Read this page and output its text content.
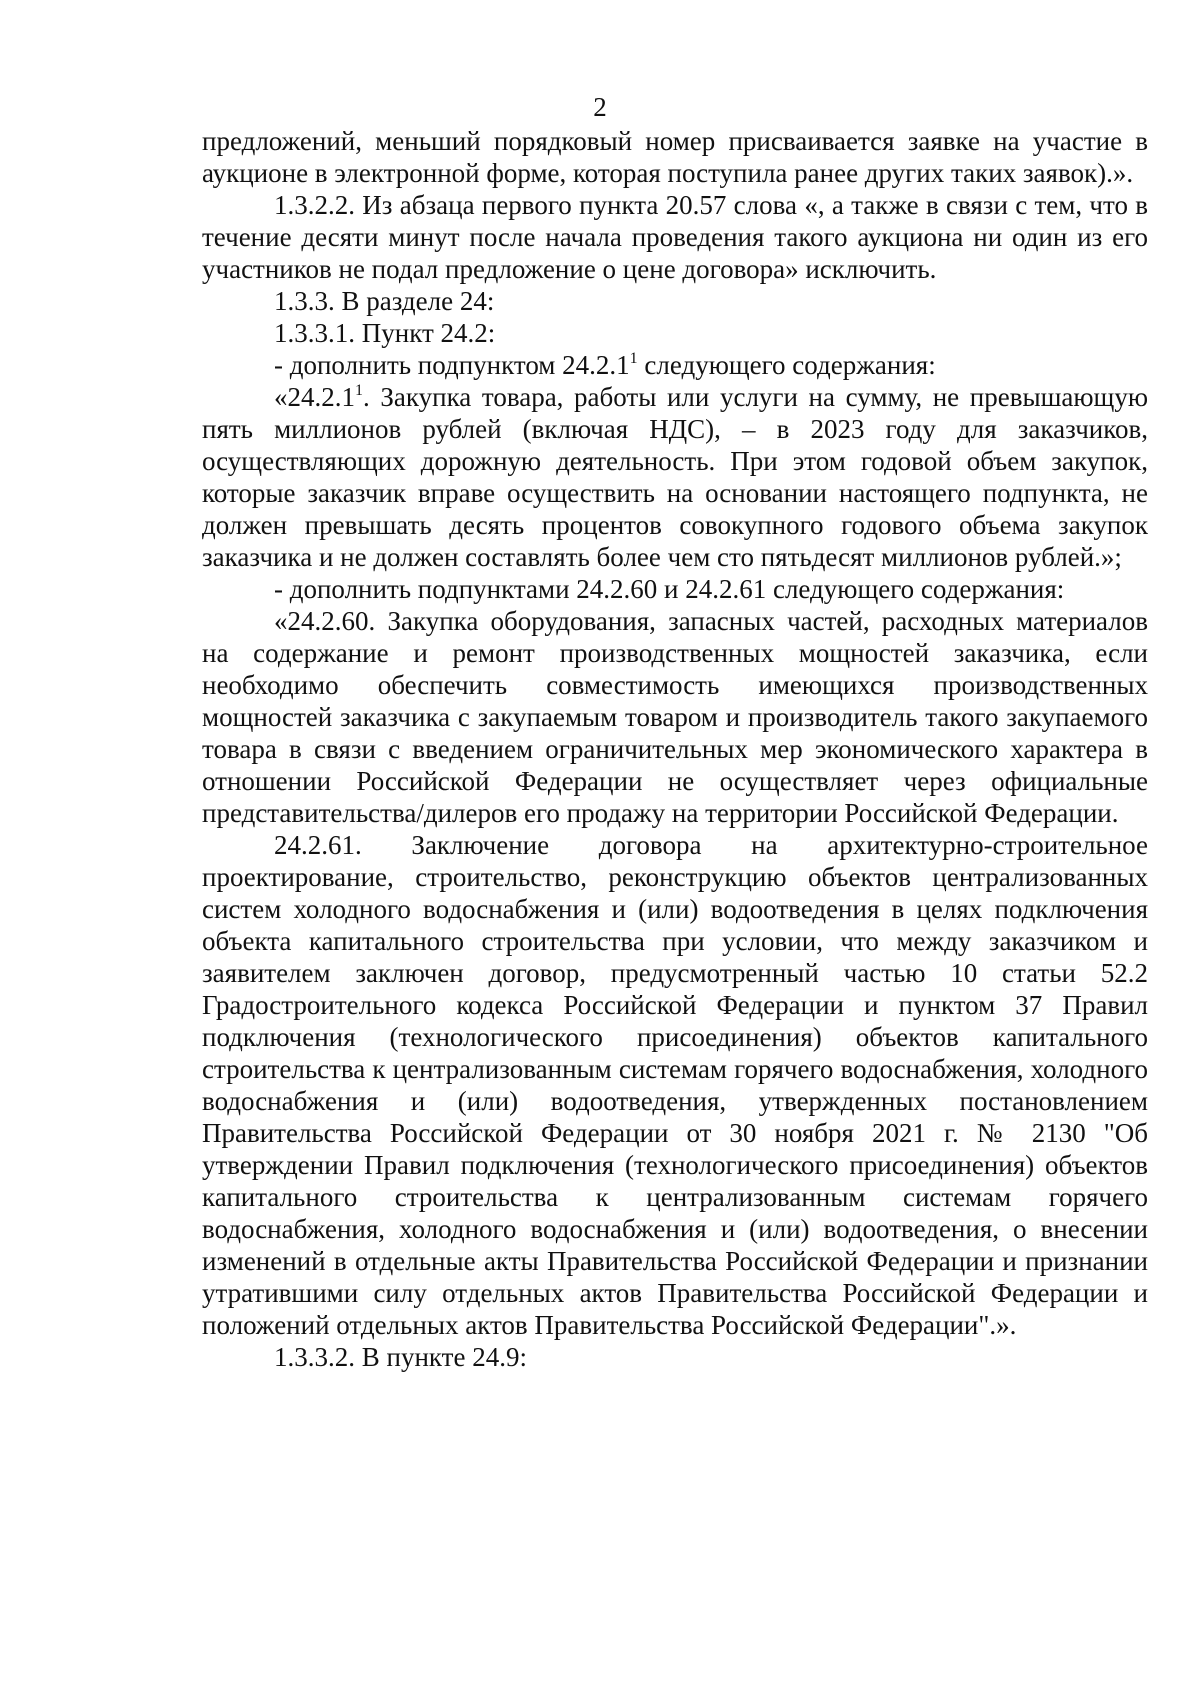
2

предложений, меньший порядковый номер присваивается заявке на участие в аукционе в электронной форме, которая поступила ранее других таких заявок).».

1.3.2.2. Из абзаца первого пункта 20.57 слова «, а также в связи с тем, что в течение десяти минут после начала проведения такого аукциона ни один из его участников не подал предложение о цене договора» исключить.

1.3.3. В разделе 24:

1.3.3.1. Пункт 24.2:

- дополнить подпунктом 24.2.1$^1$ следующего содержания:

«24.2.1$^1$. Закупка товара, работы или услуги на сумму, не превышающую пять миллионов рублей (включая НДС), – в 2023 году для заказчиков, осуществляющих дорожную деятельность. При этом годовой объем закупок, которые заказчик вправе осуществить на основании настоящего подпункта, не должен превышать десять процентов совокупного годового объема закупок заказчика и не должен составлять более чем сто пятьдесят миллионов рублей.»;

- дополнить подпунктами 24.2.60 и 24.2.61 следующего содержания:

«24.2.60. Закупка оборудования, запасных частей, расходных материалов на содержание и ремонт производственных мощностей заказчика, если необходимо обеспечить совместимость имеющихся производственных мощностей заказчика с закупаемым товаром и производитель такого закупаемого товара в связи с введением ограничительных мер экономического характера в отношении Российской Федерации не осуществляет через официальные представительства/дилеров его продажу на территории Российской Федерации.

24.2.61. Заключение договора на архитектурно-строительное проектирование, строительство, реконструкцию объектов централизованных систем холодного водоснабжения и (или) водоотведения в целях подключения объекта капитального строительства при условии, что между заказчиком и заявителем заключен договор, предусмотренный частью 10 статьи 52.2 Градостроительного кодекса Российской Федерации и пунктом 37 Правил подключения (технологического присоединения) объектов капитального строительства к централизованным системам горячего водоснабжения, холодного водоснабжения и (или) водоотведения, утвержденных постановлением Правительства Российской Федерации от 30 ноября 2021 г. № 2130 "Об утверждении Правил подключения (технологического присоединения) объектов капитального строительства к централизованным системам горячего водоснабжения, холодного водоснабжения и (или) водоотведения, о внесении изменений в отдельные акты Правительства Российской Федерации и признании утратившими силу отдельных актов Правительства Российской Федерации и положений отдельных актов Правительства Российской Федерации".».

1.3.3.2. В пункте 24.9:
